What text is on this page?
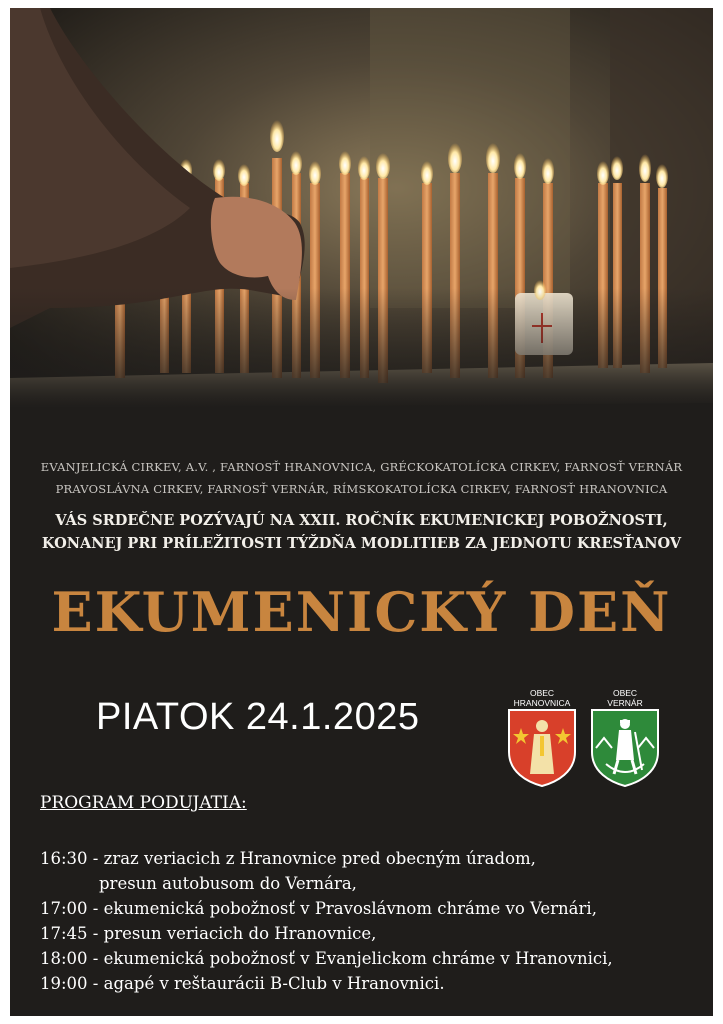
EVANJELICKÁ CIRKEV, A.V. , FARNOSŤ HRANOVNICA, GRÉCKOKATOLÍCKA CIRKEV, FARNOSŤ VERNÁR
PRAVOSLÁVNA CIRKEV, FARNOSŤ VERNÁR, RÍMSKOKATOLÍCKA CIRKEV, FARNOSŤ HRANOVNICA
VÁS SRDEČNE POZÝVAJÚ NA XXII. ROČNÍK EKUMENICKEJ POBOŽNOSTI,
KONANEJ PRI PRÍLEŽITOSTI TÝŽDŇA MODLITIEB ZA JEDNOTU KRESŤANOV
EKUMENICKÝ DEŇ
PIATOK 24.1.2025
OBEC
HRANOVNICA
OBEC
VERNÁR
PROGRAM PODUJATIA:
16:30 - zraz veriacich z Hranovnice pred obecným úradom,
presun autobusom do Vernára,
17:00 - ekumenická pobožnosť v Pravoslávnom chráme vo Vernári,
17:45 - presun veriacich do Hranovnice,
18:00 - ekumenická pobožnosť v Evanjelickom chráme v Hranovnici,
19:00 - agapé v reštaurácii B-Club v Hranovnici.
